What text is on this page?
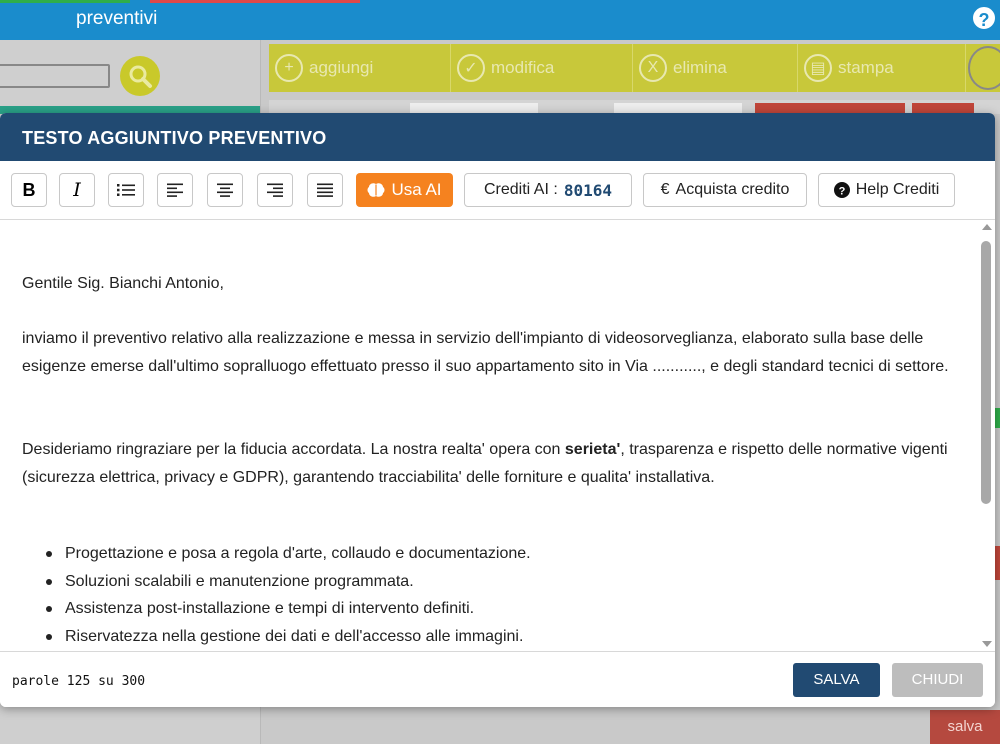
preventivi	?
+ aggiungi	✓ modifica	X elimina	▤ stampa
salva
TESTO AGGIUNTIVO PREVENTIVO
B I	Usa AI	Crediti AI : 80164	€ Acquista credito	? Help Crediti

Gentile Sig. Bianchi Antonio,

inviamo il preventivo relativo alla realizzazione e messa in servizio dell'impianto di videosorveglianza, elaborato sulla base delle esigenze emerse dall'ultimo sopralluogo effettuato presso il suo appartamento sito in Via ..........., e degli standard tecnici di settore.

Desideriamo ringraziare per la fiducia accordata. La nostra realta' opera con serieta', trasparenza e rispetto delle normative vigenti (sicurezza elettrica, privacy e GDPR), garantendo tracciabilita' delle forniture e qualita' installativa.

Progettazione e posa a regola d'arte, collaudo e documentazione.
Soluzioni scalabili e manutenzione programmata.
Assistenza post-installazione e tempi di intervento definiti.
Riservatezza nella gestione dei dati e dell'accesso alle immagini.
parole 125 su 300	SALVA	CHIUDI
